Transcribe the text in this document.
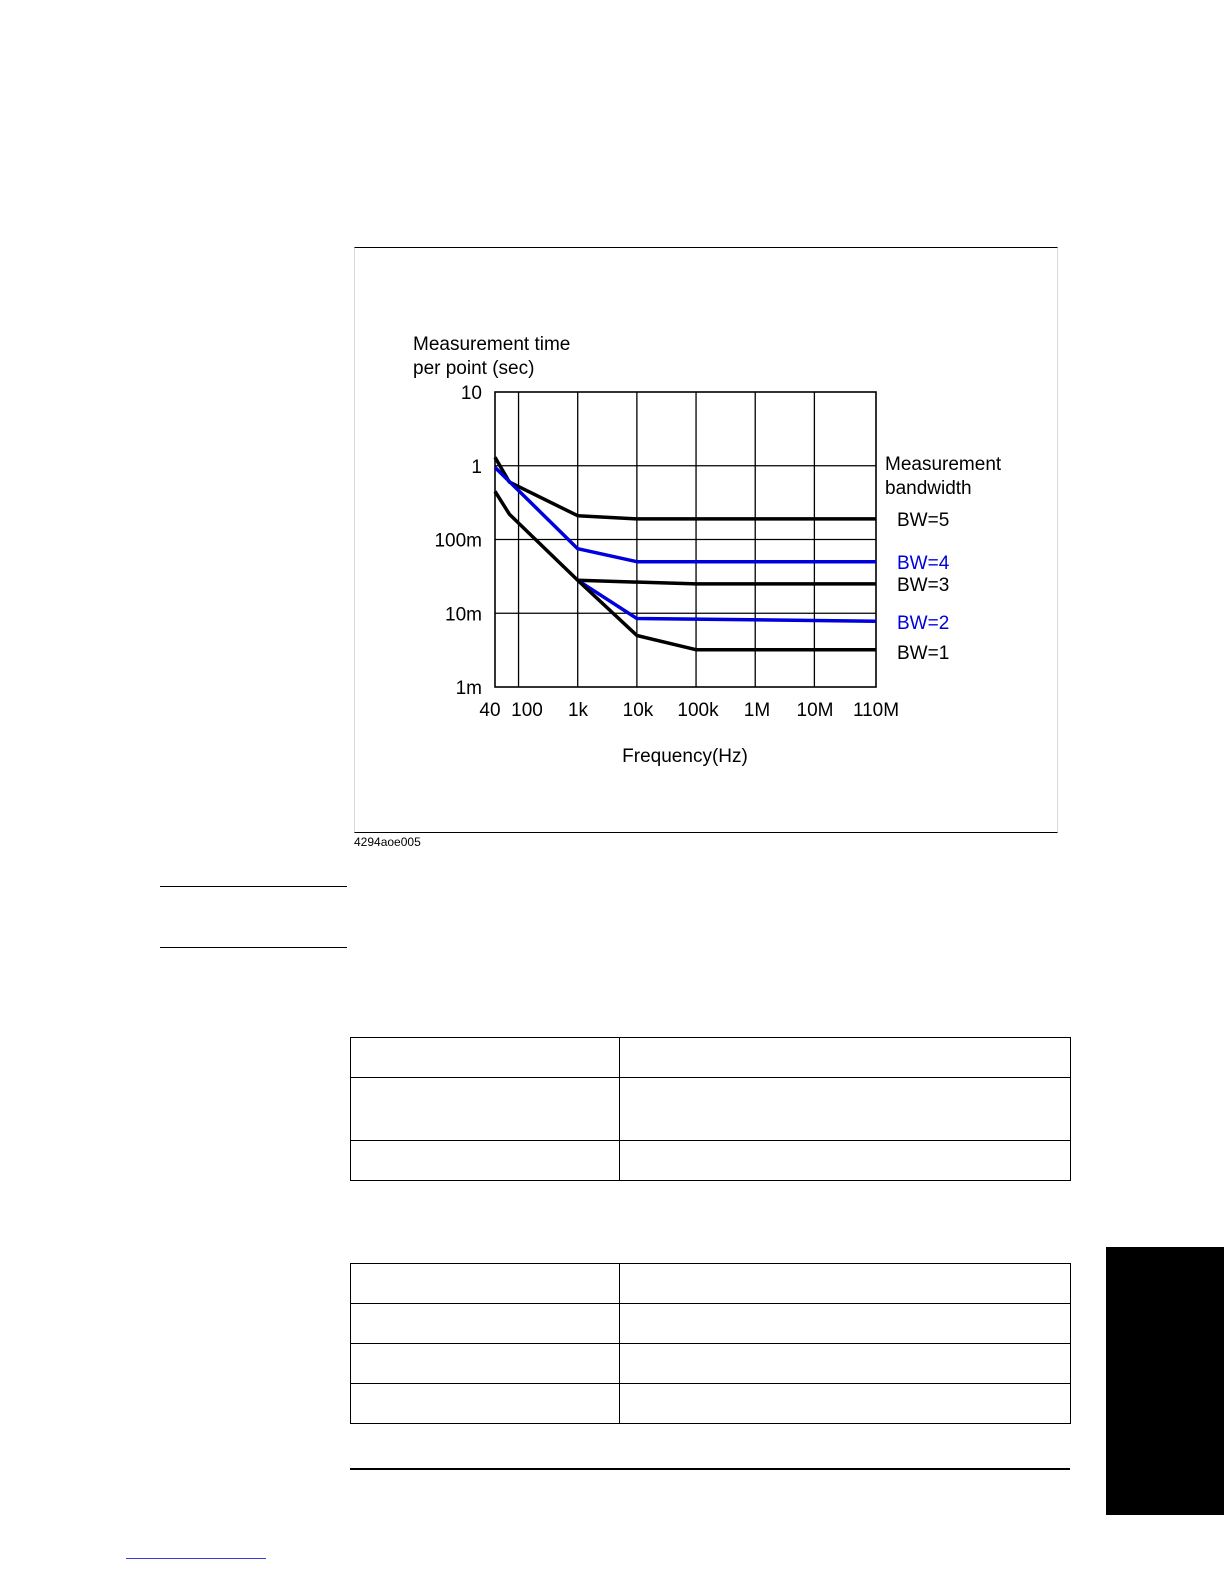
10
1
100m
10m
1m
40 100 1k 10k 100k 1M 10M 110M
Measurement time
per point (sec)
Frequency(Hz)
Measurement
bandwidth
BW=5
BW=4
BW=3
BW=2
BW=1
4294aoe005
